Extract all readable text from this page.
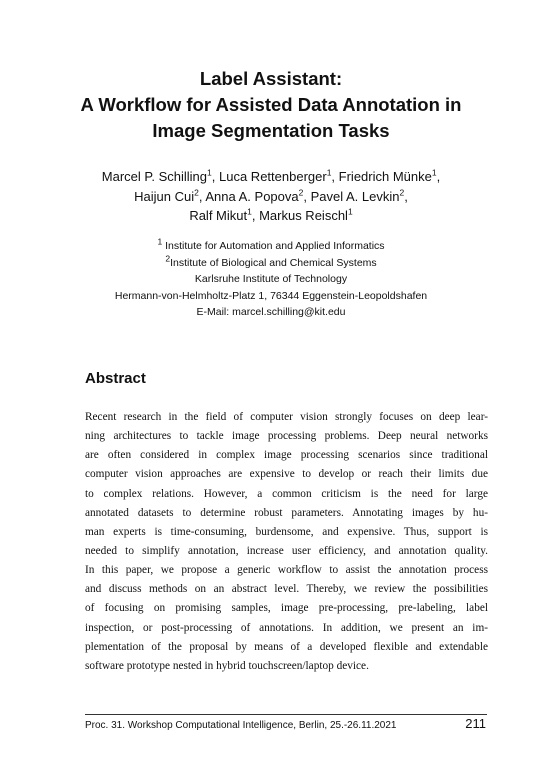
Label Assistant:
A Workflow for Assisted Data Annotation in
Image Segmentation Tasks
Marcel P. Schilling$^1$, Luca Rettenberger$^1$, Friedrich Münke$^1$,
Haijun Cui$^2$, Anna A. Popova$^2$, Pavel A. Levkin$^2$,
Ralf Mikut$^1$, Markus Reischl$^1$
$^1$ Institute for Automation and Applied Informatics
$^2$Institute of Biological and Chemical Systems
Karlsruhe Institute of Technology
Hermann-von-Helmholtz-Platz 1, 76344 Eggenstein-Leopoldshafen
E-Mail: marcel.schilling@kit.edu
Abstract
Recent research in the field of computer vision strongly focuses on deep lear-
ning architectures to tackle image processing problems. Deep neural networks
are often considered in complex image processing scenarios since traditional
computer vision approaches are expensive to develop or reach their limits due
to complex relations. However, a common criticism is the need for large
annotated datasets to determine robust parameters. Annotating images by hu-
man experts is time-consuming, burdensome, and expensive. Thus, support is
needed to simplify annotation, increase user efficiency, and annotation quality.
In this paper, we propose a generic workflow to assist the annotation process
and discuss methods on an abstract level. Thereby, we review the possibilities
of focusing on promising samples, image pre-processing, pre-labeling, label
inspection, or post-processing of annotations. In addition, we present an im-
plementation of the proposal by means of a developed flexible and extendable
software prototype nested in hybrid touchscreen/laptop device.
Proc. 31. Workshop Computational Intelligence, Berlin, 25.-26.11.2021	211
